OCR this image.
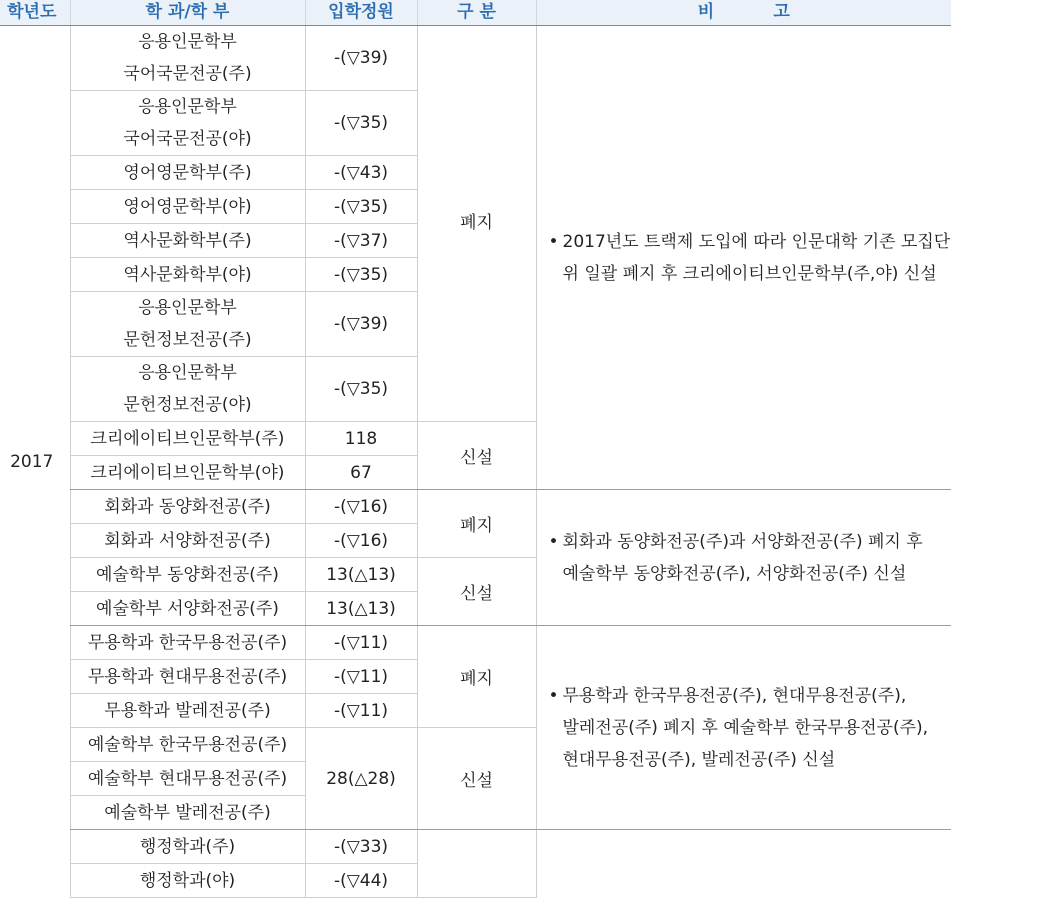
학년도	학 과/학 부	입학정원	구 분	비          고
2017	응용인문학부
국어국문전공(주)	-(▽39)	폐지	• 2017년도 트랙제 도입에 따라 인문대학 기존 모집단
위 일괄 폐지 후 크리에이티브인문학부(주,야) 신설

	응용인문학부
국어국문전공(야)	-(▽35)		
	영어영문학부(주)	-(▽43)		
	영어영문학부(야)	-(▽35)		
	역사문화학부(주)	-(▽37)		
	역사문화학부(야)	-(▽35)		

	응용인문학부
문헌정보전공(주)	-(▽39)		

	응용인문학부
문헌정보전공(야)	-(▽35)		
	크리에이티브인문학부(주)	118	신설	
	크리에이티브인문학부(야)	67		
	회화과 동양화전공(주)	-(▽16)	폐지	• 회화과 동양화전공(주)과 서양화전공(주) 폐지 후
예술학부 동양화전공(주), 서양화전공(주) 신설

	회화과 서양화전공(주)	-(▽16)		
	예술학부 동양화전공(주)	13(△13)	신설	
	예술학부 서양화전공(주)	13(△13)		
	무용학과 한국무용전공(주)	-(▽11)	폐지	• 무용학과 한국무용전공(주), 현대무용전공(주),
발레전공(주) 폐지 후 예술학부 한국무용전공(주),
현대무용전공(주), 발레전공(주) 신설

	무용학과 현대무용전공(주)	-(▽11)		
	무용학과 발레전공(주)	-(▽11)		
	예술학부 한국무용전공(주)	28(△28)	신설	
	예술학부 현대무용전공(주)			
	예술학부 발레전공(주)			
	행정학과(주)	-(▽33)		
	행정학과(야)	-(▽44)		
